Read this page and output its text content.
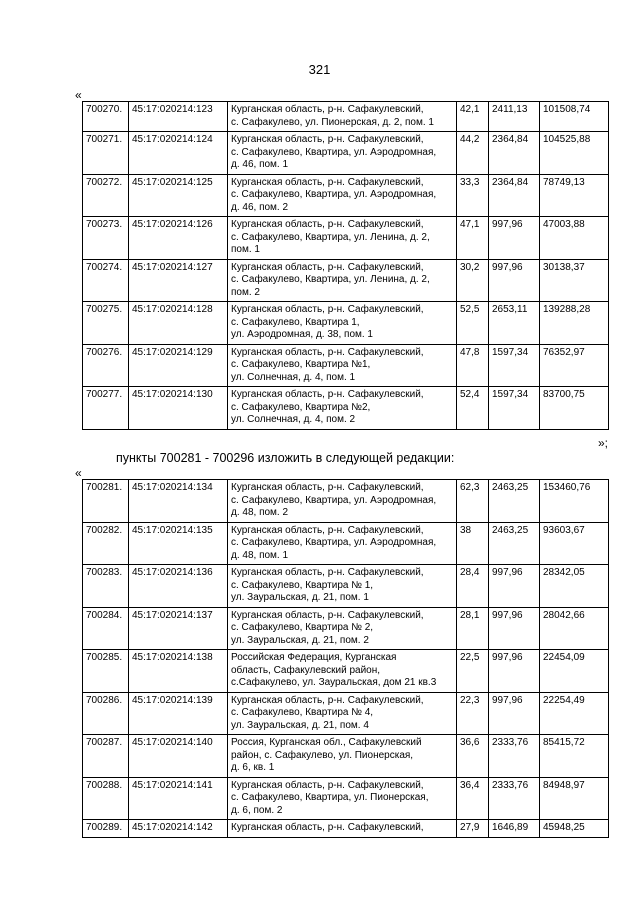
321
«
700270.	45:17:020214:123	Курганская область, р-н. Сафакулевский,
с. Сафакулево, ул. Пионерская, д. 2, пом. 1	42,1	2411,13	101508,74
700271.	45:17:020214:124	Курганская область, р-н. Сафакулевский,
с. Сафакулево, Квартира, ул. Аэродромная,
д. 46, пом. 1	44,2	2364,84	104525,88
700272.	45:17:020214:125	Курганская область, р-н. Сафакулевский,
с. Сафакулево, Квартира, ул. Аэродромная,
д. 46, пом. 2	33,3	2364,84	78749,13
700273.	45:17:020214:126	Курганская область, р-н. Сафакулевский,
с. Сафакулево, Квартира, ул. Ленина, д. 2,
пом. 1	47,1	997,96	47003,88
700274.	45:17:020214:127	Курганская область, р-н. Сафакулевский,
с. Сафакулево, Квартира, ул. Ленина, д. 2,
пом. 2	30,2	997,96	30138,37
700275.	45:17:020214:128	Курганская область, р-н. Сафакулевский,
с. Сафакулево, Квартира 1,
ул. Аэродромная, д. 38, пом. 1	52,5	2653,11	139288,28
700276.	45:17:020214:129	Курганская область, р-н. Сафакулевский,
с. Сафакулево, Квартира №1,
ул. Солнечная, д. 4, пом. 1	47,8	1597,34	76352,97
700277.	45:17:020214:130	Курганская область, р-н. Сафакулевский,
с. Сафакулево, Квартира №2,
ул. Солнечная, д. 4, пом. 2	52,4	1597,34	83700,75
»;
пункты 700281 - 700296 изложить в следующей редакции:
«
700281.	45:17:020214:134	Курганская область, р-н. Сафакулевский,
с. Сафакулево, Квартира, ул. Аэродромная,
д. 48, пом. 2	62,3	2463,25	153460,76
700282.	45:17:020214:135	Курганская область, р-н. Сафакулевский,
с. Сафакулево, Квартира, ул. Аэродромная,
д. 48, пом. 1	38	2463,25	93603,67
700283.	45:17:020214:136	Курганская область, р-н. Сафакулевский,
с. Сафакулево, Квартира № 1,
ул. Зауральская, д. 21, пом. 1	28,4	997,96	28342,05
700284.	45:17:020214:137	Курганская область, р-н. Сафакулевский,
с. Сафакулево, Квартира № 2,
ул. Зауральская, д. 21, пом. 2	28,1	997,96	28042,66
700285.	45:17:020214:138	Российская Федерация, Курганская
область, Сафакулевский район,
с.Сафакулево, ул. Зауральская, дом 21 кв.3	22,5	997,96	22454,09
700286.	45:17:020214:139	Курганская область, р-н. Сафакулевский,
с. Сафакулево, Квартира № 4,
ул. Зауральская, д. 21, пом. 4	22,3	997,96	22254,49
700287.	45:17:020214:140	Россия, Курганская обл., Сафакулевский
район, с. Сафакулево, ул. Пионерская,
д. 6, кв. 1	36,6	2333,76	85415,72
700288.	45:17:020214:141	Курганская область, р-н. Сафакулевский,
с. Сафакулево, Квартира, ул. Пионерская,
д. 6, пом. 2	36,4	2333,76	84948,97
700289.	45:17:020214:142	Курганская область, р-н. Сафакулевский,	27,9	1646,89	45948,25
